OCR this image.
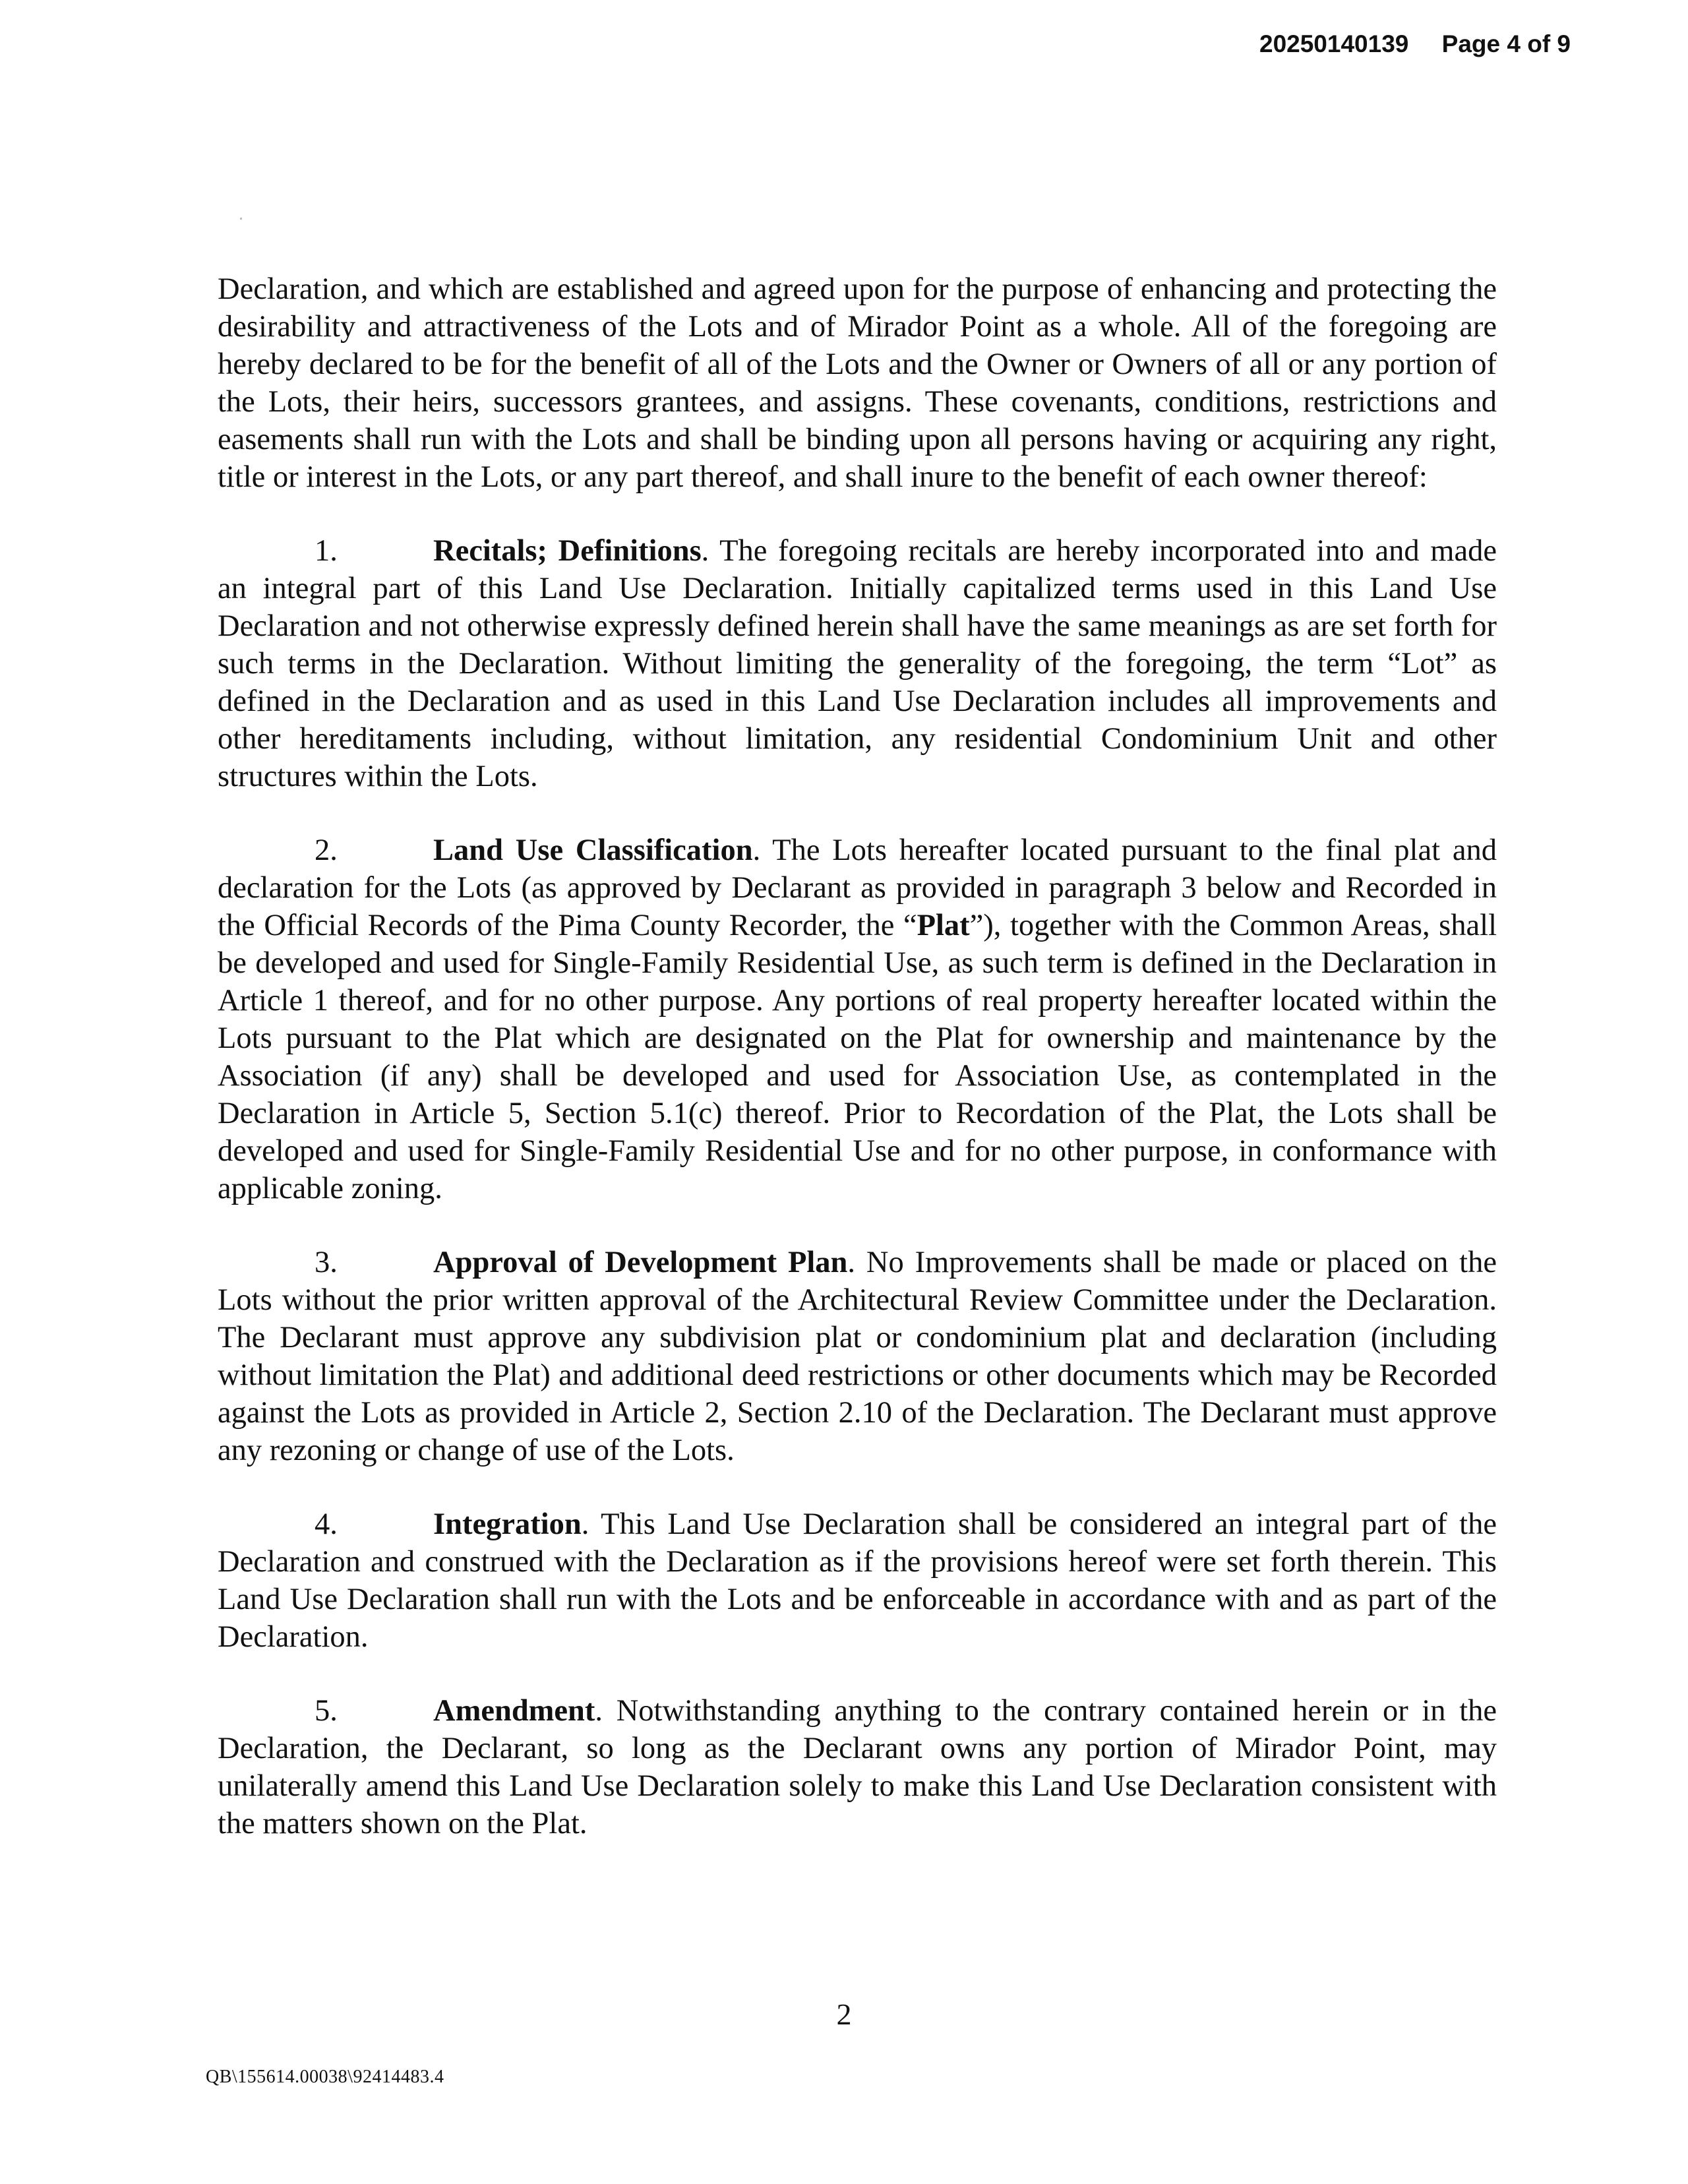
20250140139 Page 4 of 9

Declaration, and which are established and agreed upon for the purpose of enhancing and protecting the desirability and attractiveness of the Lots and of Mirador Point as a whole. All of the foregoing are hereby declared to be for the benefit of all of the Lots and the Owner or Owners of all or any portion of the Lots, their heirs, successors grantees, and assigns. These covenants, conditions, restrictions and easements shall run with the Lots and shall be binding upon all persons having or acquiring any right, title or interest in the Lots, or any part thereof, and shall inure to the benefit of each owner thereof:

1.	Recitals; Definitions. The foregoing recitals are hereby incorporated into and made an integral part of this Land Use Declaration. Initially capitalized terms used in this Land Use Declaration and not otherwise expressly defined herein shall have the same meanings as are set forth for such terms in the Declaration. Without limiting the generality of the foregoing, the term “Lot” as defined in the Declaration and as used in this Land Use Declaration includes all improvements and other hereditaments including, without limitation, any residential Condominium Unit and other structures within the Lots.

2.	Land Use Classification. The Lots hereafter located pursuant to the final plat and declaration for the Lots (as approved by Declarant as provided in paragraph 3 below and Recorded in the Official Records of the Pima County Recorder, the “Plat”), together with the Common Areas, shall be developed and used for Single-Family Residential Use, as such term is defined in the Declaration in Article 1 thereof, and for no other purpose. Any portions of real property hereafter located within the Lots pursuant to the Plat which are designated on the Plat for ownership and maintenance by the Association (if any) shall be developed and used for Association Use, as contemplated in the Declaration in Article 5, Section 5.1(c) thereof. Prior to Recordation of the Plat, the Lots shall be developed and used for Single-Family Residential Use and for no other purpose, in conformance with applicable zoning.

3.	Approval of Development Plan. No Improvements shall be made or placed on the Lots without the prior written approval of the Architectural Review Committee under the Declaration. The Declarant must approve any subdivision plat or condominium plat and declaration (including without limitation the Plat) and additional deed restrictions or other documents which may be Recorded against the Lots as provided in Article 2, Section 2.10 of the Declaration. The Declarant must approve any rezoning or change of use of the Lots.

4.	Integration. This Land Use Declaration shall be considered an integral part of the Declaration and construed with the Declaration as if the provisions hereof were set forth therein. This Land Use Declaration shall run with the Lots and be enforceable in accordance with and as part of the Declaration.

5.	Amendment. Notwithstanding anything to the contrary contained herein or in the Declaration, the Declarant, so long as the Declarant owns any portion of Mirador Point, may unilaterally amend this Land Use Declaration solely to make this Land Use Declaration consistent with the matters shown on the Plat.

2
QB\155614.00038\92414483.4
